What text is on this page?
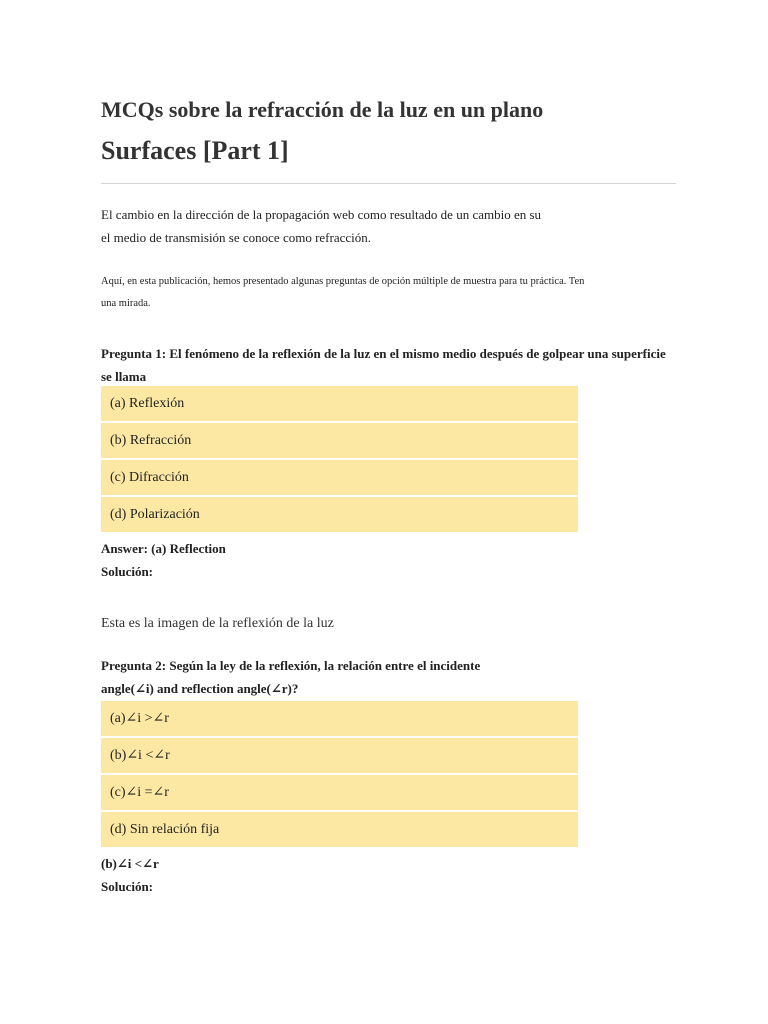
MCQs sobre la refracción de la luz en un plano
Surfaces [Part 1]

El cambio en la dirección de la propagación web como resultado de un cambio en su
el medio de transmisión se conoce como refracción.

Aquí, en esta publicación, hemos presentado algunas preguntas de opción múltiple de muestra para tu práctica. Ten
una mirada.

Pregunta 1: El fenómeno de la reflexión de la luz en el mismo medio después de golpear una superficie
se llama

(a) Reflexión
(b) Refracción
(c) Difracción
(d) Polarización

Answer: (a) Reflection

Solución:

Esta es la imagen de la reflexión de la luz

Pregunta 2: Según la ley de la reflexión, la relación entre el incidente
angle(∠i) and reflection angle(∠r)?

(a)∠i >∠r
(b)∠i <∠r
(c)∠i =∠r
(d) Sin relación fija

(b)∠i <∠r

Solución:
